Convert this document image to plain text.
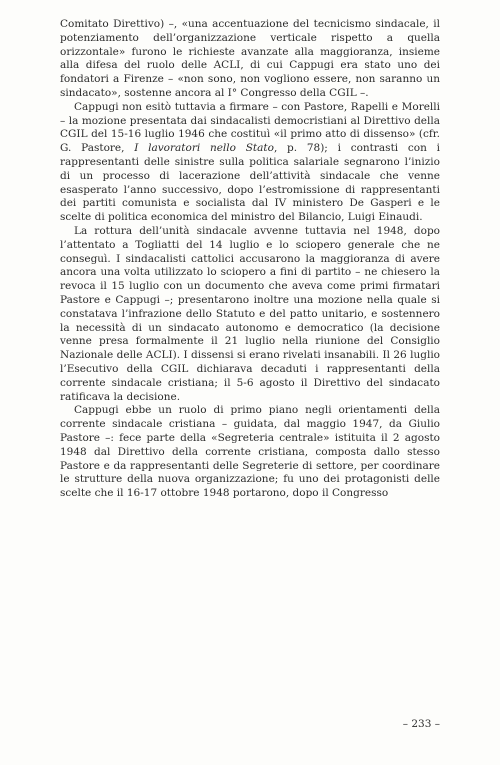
Comitato Direttivo) –, «una accentuazione del tecnicismo sindacale, il potenziamento dell’organizzazione verticale rispetto a quella orizzontale» furono le richieste avanzate alla maggioranza, insieme alla difesa del ruolo delle ACLI, di cui Cappugi era stato uno dei fondatori a Firenze – «non sono, non vogliono essere, non saranno un sindacato», sostenne ancora al I° Congresso della CGIL –.

Cappugi non esitò tuttavia a firmare – con Pastore, Rapelli e Morelli – la mozione presentata dai sindacalisti democristiani al Direttivo della CGIL del 15-16 luglio 1946 che costituì «il primo atto di dissenso» (cfr. G. Pastore, I lavoratori nello Stato, p. 78); i contrasti con i rappresentanti delle sinistre sulla politica salariale segnarono l’inizio di un processo di lacerazione dell’attività sindacale che venne esasperato l’anno successivo, dopo l’estromissione di rappresentanti dei partiti comunista e socialista dal IV ministero De Gasperi e le scelte di politica economica del ministro del Bilancio, Luigi Einaudi.

La rottura dell’unità sindacale avvenne tuttavia nel 1948, dopo l’attentato a Togliatti del 14 luglio e lo sciopero generale che ne conseguì. I sindacalisti cattolici accusarono la maggioranza di avere ancora una volta utilizzato lo sciopero a fini di partito – ne chiesero la revoca il 15 luglio con un documento che aveva come primi firmatari Pastore e Cappugi –; presentarono inoltre una mozione nella quale si constatava l’infrazione dello Statuto e del patto unitario, e sostennero la necessità di un sindacato autonomo e democratico (la decisione venne presa formalmente il 21 luglio nella riunione del Consiglio Nazionale delle ACLI). I dissensi si erano rivelati insanabili. Il 26 luglio l’Esecutivo della CGIL dichiarava decaduti i rappresentanti della corrente sindacale cristiana; il 5-6 agosto il Direttivo del sindacato ratificava la decisione.

Cappugi ebbe un ruolo di primo piano negli orientamenti della corrente sindacale cristiana – guidata, dal maggio 1947, da Giulio Pastore –: fece parte della «Segreteria centrale» istituita il 2 agosto 1948 dal Direttivo della corrente cristiana, composta dallo stesso Pastore e da rappresentanti delle Segreterie di settore, per coordinare le strutture della nuova organizzazione; fu uno dei protagonisti delle scelte che il 16-17 ottobre 1948 portarono, dopo il Congresso

– 233 –
